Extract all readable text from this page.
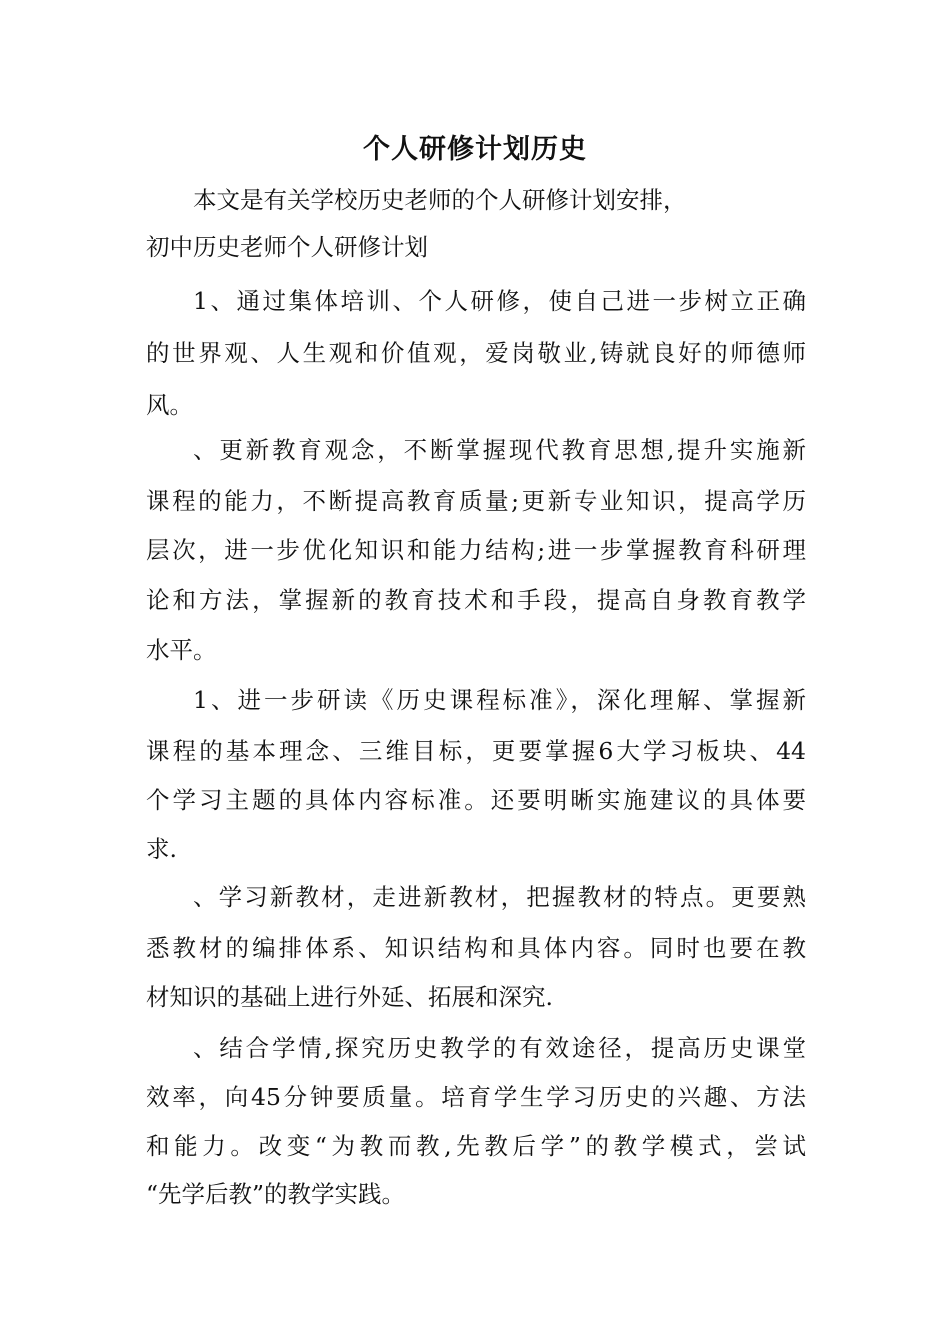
个人研修计划历史
本文是有关学校历史老师的个人研修计划安排，
初中历史老师个人研修计划
1、通过集体培训、个人研修，使自己进一步树立正确
的世界观、人生观和价值观，爱岗敬业,铸就良好的师德师
风。
、更新教育观念，不断掌握现代教育思想,提升实施新
课程的能力，不断提高教育质量;更新专业知识，提高学历
层次，进一步优化知识和能力结构;进一步掌握教育科研理
论和方法，掌握新的教育技术和手段，提高自身教育教学
水平。
1、进一步研读《历史课程标准》，深化理解、掌握新
课程的基本理念、三维目标，更要掌握6大学习板块、44
个学习主题的具体内容标准。还要明晰实施建议的具体要
求.
、学习新教材，走进新教材，把握教材的特点。更要熟
悉教材的编排体系、知识结构和具体内容。同时也要在教
材知识的基础上进行外延、拓展和深究.
、结合学情,探究历史教学的有效途径，提高历史课堂
效率，向45分钟要质量。培育学生学习历史的兴趣、方法
和能力。改变“为教而教,先教后学”的教学模式，尝试
“先学后教”的教学实践。
